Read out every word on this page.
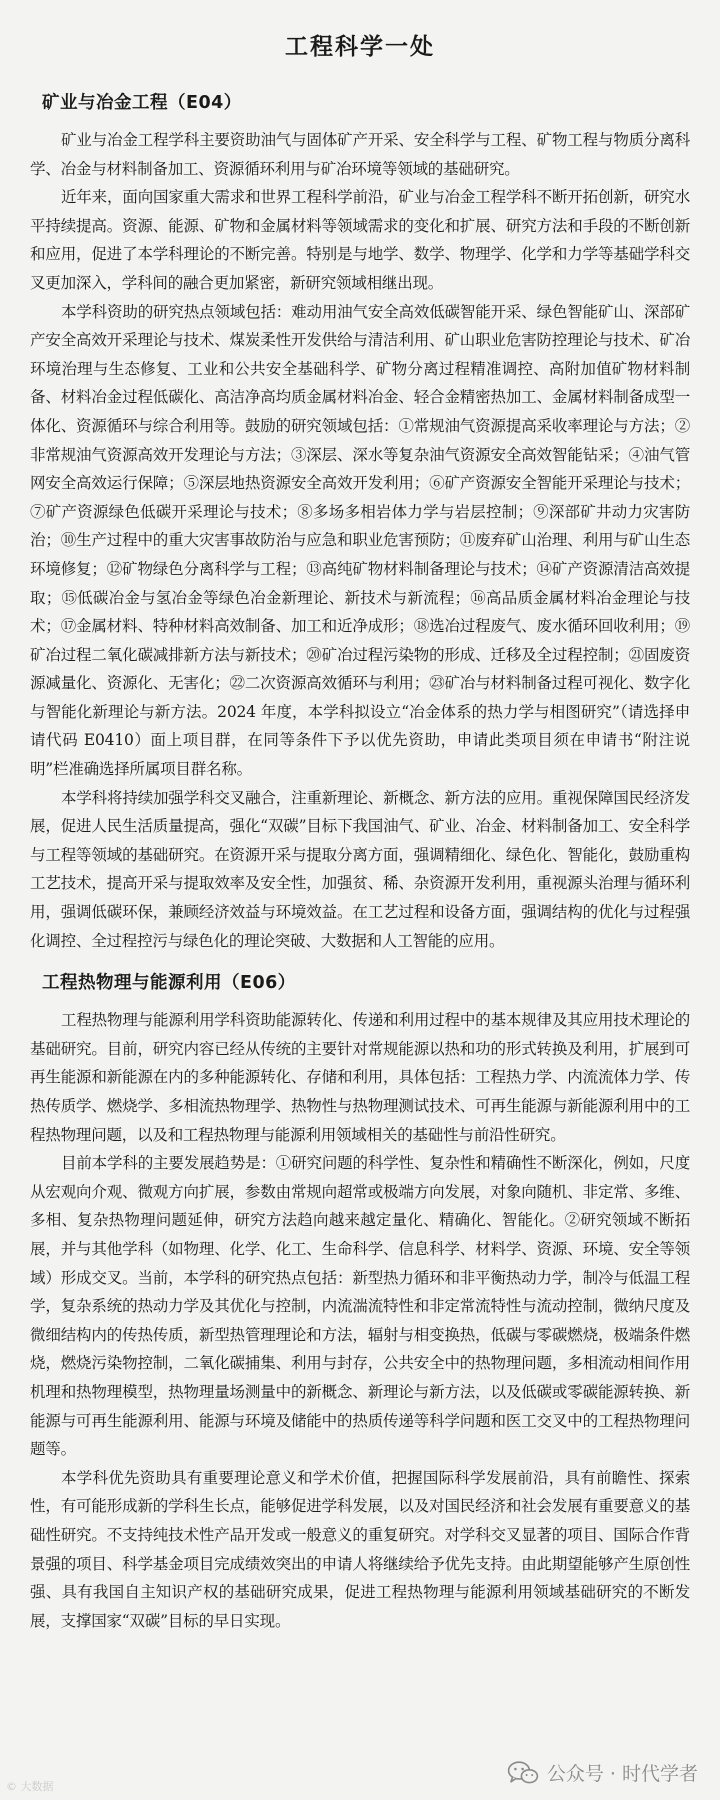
工程科学一处
矿业与冶金工程（E04）

矿业与冶金工程学科主要资助油气与固体矿产开采、安全科学与工程、矿物工程与物质分离科学、冶金与材料制备加工、资源循环利用与矿冶环境等领域的基础研究。

近年来，面向国家重大需求和世界工程科学前沿，矿业与冶金工程学科不断开拓创新，研究水平持续提高。资源、能源、矿物和金属材料等领域需求的变化和扩展、研究方法和手段的不断创新和应用，促进了本学科理论的不断完善。特别是与地学、数学、物理学、化学和力学等基础学科交叉更加深入，学科间的融合更加紧密，新研究领域相继出现。

本学科资助的研究热点领域包括：难动用油气安全高效低碳智能开采、绿色智能矿山、深部矿产安全高效开采理论与技术、煤炭柔性开发供给与清洁利用、矿山职业危害防控理论与技术、矿冶环境治理与生态修复、工业和公共安全基础科学、矿物分离过程精准调控、高附加值矿物材料制备、材料冶金过程低碳化、高洁净高均质金属材料冶金、轻合金精密热加工、金属材料制备成型一体化、资源循环与综合利用等。鼓励的研究领域包括：①常规油气资源提高采收率理论与方法；②非常规油气资源高效开发理论与方法；③深层、深水等复杂油气资源安全高效智能钻采；④油气管网安全高效运行保障；⑤深层地热资源安全高效开发利用；⑥矿产资源安全智能开采理论与技术；⑦矿产资源绿色低碳开采理论与技术；⑧多场多相岩体力学与岩层控制；⑨深部矿井动力灾害防治；⑩生产过程中的重大灾害事故防治与应急和职业危害预防；⑪废弃矿山治理、利用与矿山生态环境修复；⑫矿物绿色分离科学与工程；⑬高纯矿物材料制备理论与技术；⑭矿产资源清洁高效提取；⑮低碳冶金与氢冶金等绿色冶金新理论、新技术与新流程；⑯高品质金属材料冶金理论与技术；⑰金属材料、特种材料高效制备、加工和近净成形；⑱选冶过程废气、废水循环回收利用；⑲矿冶过程二氧化碳减排新方法与新技术；⑳矿冶过程污染物的形成、迁移及全过程控制；㉑固废资源减量化、资源化、无害化；㉒二次资源高效循环与利用；㉓矿冶与材料制备过程可视化、数字化与智能化新理论与新方法。2024 年度，本学科拟设立“冶金体系的热力学与相图研究”（请选择申请代码 E0410）面上项目群，在同等条件下予以优先资助，申请此类项目须在申请书“附注说明”栏准确选择所属项目群名称。

本学科将持续加强学科交叉融合，注重新理论、新概念、新方法的应用。重视保障国民经济发展，促进人民生活质量提高，强化“双碳”目标下我国油气、矿业、冶金、材料制备加工、安全科学与工程等领域的基础研究。在资源开采与提取分离方面，强调精细化、绿色化、智能化，鼓励重构工艺技术，提高开采与提取效率及安全性，加强贫、稀、杂资源开发利用，重视源头治理与循环利用，强调低碳环保，兼顾经济效益与环境效益。在工艺过程和设备方面，强调结构的优化与过程强化调控、全过程控污与绿色化的理论突破、大数据和人工智能的应用。

工程热物理与能源利用（E06）

工程热物理与能源利用学科资助能源转化、传递和利用过程中的基本规律及其应用技术理论的基础研究。目前，研究内容已经从传统的主要针对常规能源以热和功的形式转换及利用，扩展到可再生能源和新能源在内的多种能源转化、存储和利用，具体包括：工程热力学、内流流体力学、传热传质学、燃烧学、多相流热物理学、热物性与热物理测试技术、可再生能源与新能源利用中的工程热物理问题，以及和工程热物理与能源利用领域相关的基础性与前沿性研究。

目前本学科的主要发展趋势是：①研究问题的科学性、复杂性和精确性不断深化，例如，尺度从宏观向介观、微观方向扩展，参数由常规向超常或极端方向发展，对象向随机、非定常、多维、多相、复杂热物理问题延伸，研究方法趋向越来越定量化、精确化、智能化。②研究领域不断拓展，并与其他学科（如物理、化学、化工、生命科学、信息科学、材料学、资源、环境、安全等领域）形成交叉。当前，本学科的研究热点包括：新型热力循环和非平衡热动力学，制冷与低温工程学，复杂系统的热动力学及其优化与控制，内流湍流特性和非定常流特性与流动控制，微纳尺度及微细结构内的传热传质，新型热管理理论和方法，辐射与相变换热，低碳与零碳燃烧，极端条件燃烧，燃烧污染物控制，二氧化碳捕集、利用与封存，公共安全中的热物理问题，多相流动相间作用机理和热物理模型，热物理量场测量中的新概念、新理论与新方法，以及低碳或零碳能源转换、新能源与可再生能源利用、能源与环境及储能中的热质传递等科学问题和医工交叉中的工程热物理问题等。

本学科优先资助具有重要理论意义和学术价值，把握国际科学发展前沿，具有前瞻性、探索性，有可能形成新的学科生长点，能够促进学科发展，以及对国民经济和社会发展有重要意义的基础性研究。不支持纯技术性产品开发或一般意义的重复研究。对学科交叉显著的项目、国际合作背景强的项目、科学基金项目完成绩效突出的申请人将继续给予优先支持。由此期望能够产生原创性强、具有我国自主知识产权的基础研究成果，促进工程热物理与能源利用领域基础研究的不断发展，支撑国家“双碳”目标的早日实现。

© 大数据
公众号 · 时代学者
